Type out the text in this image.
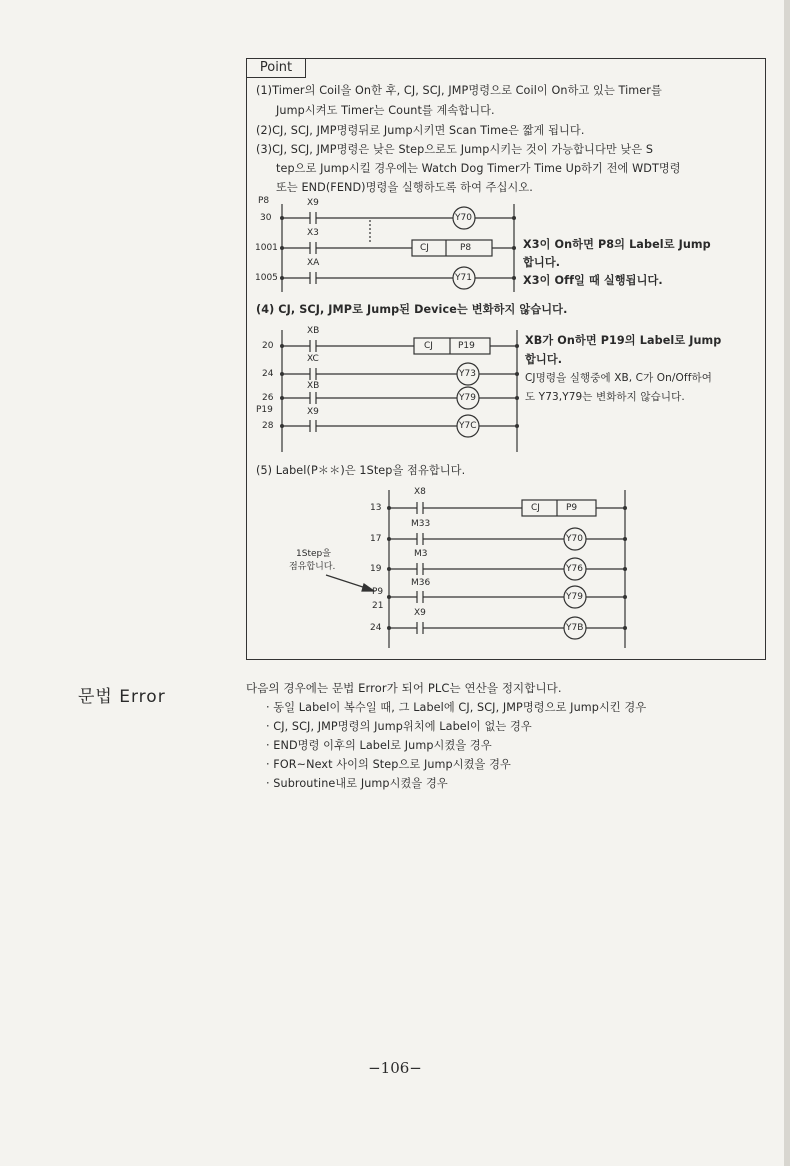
Point
(1)Timer의 Coil을 On한 후, CJ, SCJ, JMP명령으로 Coil이 On하고 있는 Timer를
Jump시켜도 Timer는 Count를 계속합니다.
(2)CJ, SCJ, JMP명령뒤로 Jump시키면 Scan Time은 짧게 됩니다.
(3)CJ, SCJ, JMP명령은 낮은 Step으로도 Jump시키는 것이 가능합니다만 낮은 S
tep으로 Jump시킬 경우에는 Watch Dog Timer가 Time Up하기 전에 WDT명령
또는 END(FEND)명령을 실행하도록 하여 주십시오.
P8
30
1001
1005
X9
X3
XA
Y70
Y71
CJ	P8	X3이 On하면 P8의 Label로 Jump
합니다.
X3이 Off일 때 실행됩니다.
(4) CJ, SCJ, JMP로 Jump된 Device는 변화하지 않습니다.
20
24
26
P19
28
XB
XC
XB
X9
CJ	P19
Y73
Y79
Y7C
XB가 On하면 P19의 Label로 Jump
합니다.
CJ명령을 실행중에 XB, C가 On/Off하여
도 Y73,Y79는 변화하지 않습니다.
(5) Label(P＊＊)은 1Step을 점유합니다.
13
17
19
P9
21
24
X8
M33
M3
M36
X9
CJ	P9
Y70
Y76
Y79
Y7B
1Step을
점유합니다.
문법 Error	다음의 경우에는 문법 Error가 되어 PLC는 연산을 정지합니다.
· 동일 Label이 복수일 때, 그 Label에 CJ, SCJ, JMP명령으로 Jump시킨 경우
· CJ, SCJ, JMP명령의 Jump위치에 Label이 없는 경우
· END명령 이후의 Label로 Jump시켰을 경우
· FOR~Next 사이의 Step으로 Jump시켰을 경우
· Subroutine내로 Jump시켰을 경우
−106−
